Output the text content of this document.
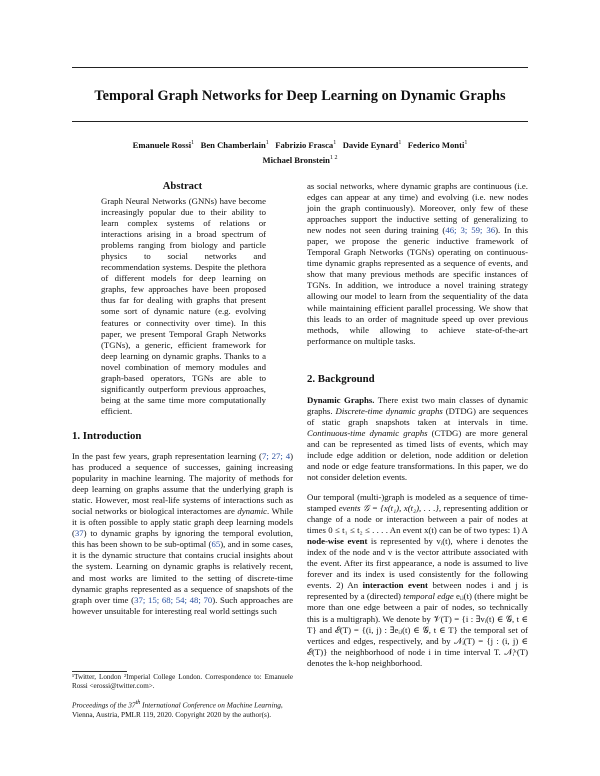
Temporal Graph Networks for Deep Learning on Dynamic Graphs
Emanuele Rossi$^1$ Ben Chamberlain$^1$ Fabrizio Frasca$^1$ Davide Eynard$^1$ Federico Monti$^1$
Michael Bronstein$^{1 2}$
Abstract
Graph Neural Networks (GNNs) have become increasingly popular due to their ability to learn complex systems of relations or interactions arising in a broad spectrum of problems ranging from biology and particle physics to social networks and recommendation systems. Despite the plethora of different models for deep learning on graphs, few approaches have been proposed thus far for dealing with graphs that present some sort of dynamic nature (e.g. evolving features or connectivity over time). In this paper, we present Temporal Graph Networks (TGNs), a generic, efficient framework for deep learning on dynamic graphs. Thanks to a novel combination of memory modules and graph-based operators, TGNs are able to significantly outperform previous approaches, being at the same time more computationally efficient.
1. Introduction
In the past few years, graph representation learning (7; 27; 4) has produced a sequence of successes, gaining increasing popularity in machine learning. The majority of methods for deep learning on graphs assume that the underlying graph is static. However, most real-life systems of interactions such as social networks or biological interactomes are dynamic. While it is often possible to apply static graph deep learning models (37) to dynamic graphs by ignoring the temporal evolution, this has been shown to be sub-optimal (65), and in some cases, it is the dynamic structure that contains crucial insights about the system. Learning on dynamic graphs is relatively recent, and most works are limited to the setting of discrete-time dynamic graphs represented as a sequence of snapshots of the graph over time (37; 15; 68; 54; 48; 70). Such approaches are however unsuitable for interesting real world settings such
¹Twitter, London ²Imperial College London. Correspondence to: Emanuele Rossi <erossi@twitter.com>.
Proceedings of the 37th International Conference on Machine Learning, Vienna, Austria, PMLR 119, 2020. Copyright 2020 by the author(s).
as social networks, where dynamic graphs are continuous (i.e. edges can appear at any time) and evolving (i.e. new nodes join the graph continuously). Moreover, only few of these approaches support the inductive setting of generalizing to new nodes not seen during training (46; 3; 59; 36). In this paper, we propose the generic inductive framework of Temporal Graph Networks (TGNs) operating on continuous-time dynamic graphs represented as a sequence of events, and show that many previous methods are specific instances of TGNs. In addition, we introduce a novel training strategy allowing our model to learn from the sequentiality of the data while maintaining efficient parallel processing. We show that this leads to an order of magnitude speed up over previous methods, while allowing to achieve state-of-the-art performance on multiple tasks.
2. Background
Dynamic Graphs. There exist two main classes of dynamic graphs. Discrete-time dynamic graphs (DTDG) are sequences of static graph snapshots taken at intervals in time. Continuous-time dynamic graphs (CTDG) are more general and can be represented as timed lists of events, which may include edge addition or deletion, node addition or deletion and node or edge feature transformations. In this paper, we do not consider deletion events.
Our temporal (multi-)graph is modeled as a sequence of time-stamped events 𝒢 = {x(t₁), x(t₂), . . .}, representing addition or change of a node or interaction between a pair of nodes at times 0 ≤ t₁ ≤ t₂ ≤ . . . . An event x(t) can be of two types: 1) A node-wise event is represented by vᵢ(t), where i denotes the index of the node and v is the vector attribute associated with the event. After its first appearance, a node is assumed to live forever and its index is used consistently for the following events. 2) An interaction event between nodes i and j is represented by a (directed) temporal edge eᵢⱼ(t) (there might be more than one edge between a pair of nodes, so technically this is a multigraph). We denote by 𝒱(T) = {i : ∃vᵢ(t) ∈ 𝒢, t ∈ T} and ℰ(T) = {(i, j) : ∃eᵢⱼ(t) ∈ 𝒢, t ∈ T} the temporal set of vertices and edges, respectively, and by 𝒩ᵢ(T) = {j : (i, j) ∈ ℰ(T)} the neighborhood of node i in time interval T. 𝒩ᵢᵏ(T) denotes the k-hop neighborhood.
